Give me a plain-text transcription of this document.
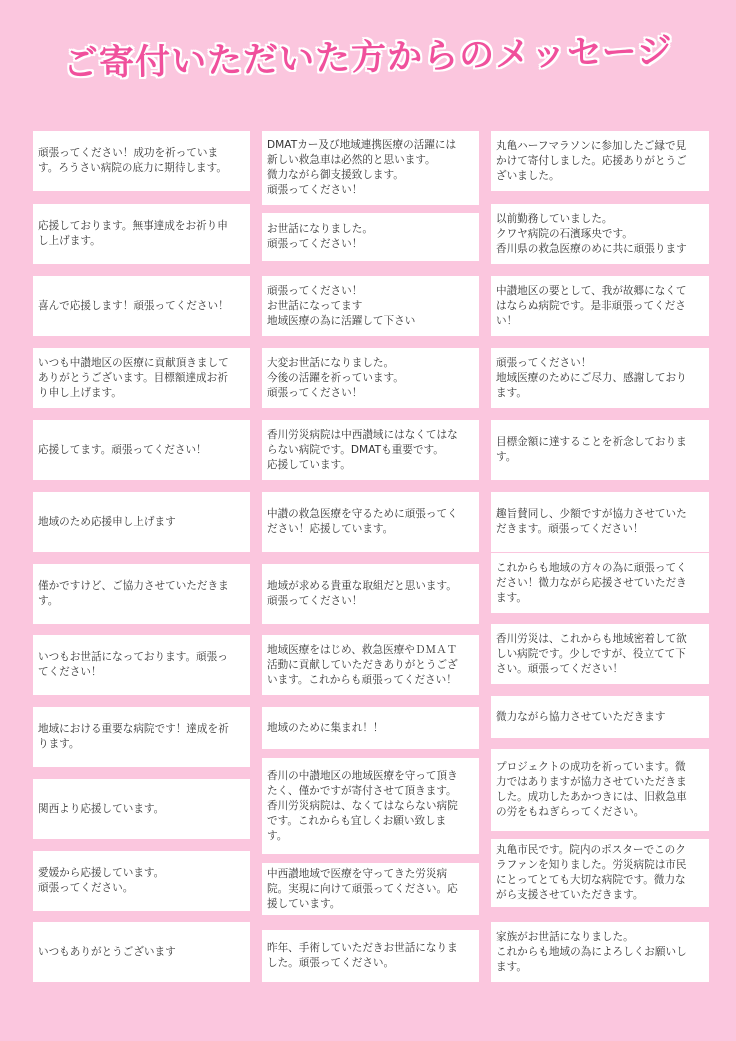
ご寄付いただいた方からのメッセージ
頑張ってください！成功を祈っていま
す。ろうさい病院の底力に期待します。
応援しております。無事達成をお祈り申
し上げます。
喜んで応援します！頑張ってください！
いつも中讃地区の医療に貢献頂きまして
ありがとうございます。目標額達成お祈
り申し上げます。
応援してます。頑張ってください！
地域のため応援申し上げます
僅かですけど、ご協力させていただきま
す。
いつもお世話になっております。頑張っ
てください！
地域における重要な病院です！達成を祈
ります。
関西より応援しています。
愛媛から応援しています。
頑張ってください。
いつもありがとうございます
DMATカー及び地域連携医療の活躍には
新しい救急車は必然的と思います。
微力ながら御支援致します。
頑張ってください！
お世話になりました。
頑張ってください！
頑張ってください！
お世話になってます
地域医療の為に活躍して下さい
大変お世話になりました。
今後の活躍を祈っています。
頑張ってください！
香川労災病院は中西讃域にはなくてはな
らない病院です。DMATも重要です。
応援しています。
中讃の救急医療を守るために頑張ってく
ださい！応援しています。
地域が求める貴重な取組だと思います。
頑張ってください！
地域医療をはじめ、救急医療やＤＭＡＴ
活動に貢献していただきありがとうござ
います。これからも頑張ってください！
地域のために集まれ！！
香川の中讃地区の地域医療を守って頂き
たく、僅かですが寄付させて頂きます。
香川労災病院は、なくてはならない病院
です。これからも宜しくお願い致しま
す。
中西讃地域で医療を守ってきた労災病
院。実現に向けて頑張ってください。応
援しています。
昨年、手術していただきお世話になりま
した。頑張ってください。
丸亀ハーフマラソンに参加したご縁で見
かけて寄付しました。応援ありがとうご
ざいました。
以前勤務していました。
クワヤ病院の石濱琢央です。
香川県の救急医療のめに共に頑張ります
中讃地区の要として、我が故郷になくて
はならぬ病院です。是非頑張ってくださ
い！
頑張ってください！
地域医療のためにご尽力、感謝しており
ます。
目標金額に達することを祈念しておりま
す。
趣旨賛同し、少額ですが協力させていた
だきます。頑張ってください！
これからも地域の方々の為に頑張ってく
ださい！微力ながら応援させていただき
ます。
香川労災は、これからも地域密着して欲
しい病院です。少しですが、役立てて下
さい。頑張ってください！
微力ながら協力させていただきます
プロジェクトの成功を祈っています。微
力ではありますが協力させていただきま
した。成功したあかつきには、旧救急車
の労をもねぎらってください。
丸亀市民です。院内のポスターでこのク
ラファンを知りました。労災病院は市民
にとってとても大切な病院です。微力な
がら支援させていただきます。
家族がお世話になりました。
これからも地域の為によろしくお願いし
ます。
